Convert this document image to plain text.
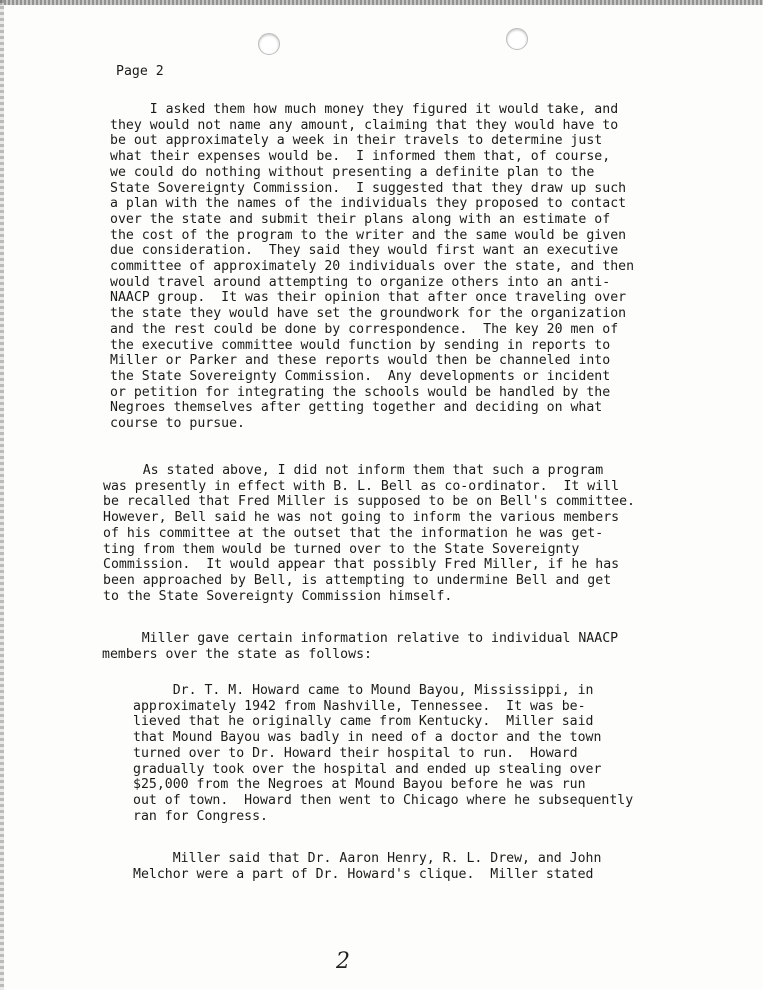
Page 2

I asked them how much money they figured it would take, and
they would not name any amount, claiming that they would have to
be out approximately a week in their travels to determine just
what their expenses would be.  I informed them that, of course,
we could do nothing without presenting a definite plan to the
State Sovereignty Commission.  I suggested that they draw up such
a plan with the names of the individuals they proposed to contact
over the state and submit their plans along with an estimate of
the cost of the program to the writer and the same would be given
due consideration.  They said they would first want an executive
committee of approximately 20 individuals over the state, and then
would travel around attempting to organize others into an anti-
NAACP group.  It was their opinion that after once traveling over
the state they would have set the groundwork for the organization
and the rest could be done by correspondence.  The key 20 men of
the executive committee would function by sending in reports to
Miller or Parker and these reports would then be channeled into
the State Sovereignty Commission.  Any developments or incident
or petition for integrating the schools would be handled by the
Negroes themselves after getting together and deciding on what
course to pursue.

As stated above, I did not inform them that such a program
was presently in effect with B. L. Bell as co-ordinator.  It will
be recalled that Fred Miller is supposed to be on Bell's committee.
However, Bell said he was not going to inform the various members
of his committee at the outset that the information he was get-
ting from them would be turned over to the State Sovereignty
Commission.  It would appear that possibly Fred Miller, if he has
been approached by Bell, is attempting to undermine Bell and get
to the State Sovereignty Commission himself.

Miller gave certain information relative to individual NAACP
members over the state as follows:

Dr. T. M. Howard came to Mound Bayou, Mississippi, in
approximately 1942 from Nashville, Tennessee.  It was be-
lieved that he originally came from Kentucky.  Miller said
that Mound Bayou was badly in need of a doctor and the town
turned over to Dr. Howard their hospital to run.  Howard
gradually took over the hospital and ended up stealing over
$25,000 from the Negroes at Mound Bayou before he was run
out of town.  Howard then went to Chicago where he subsequently
ran for Congress.

Miller said that Dr. Aaron Henry, R. L. Drew, and John
Melchor were a part of Dr. Howard's clique.  Miller stated

2
